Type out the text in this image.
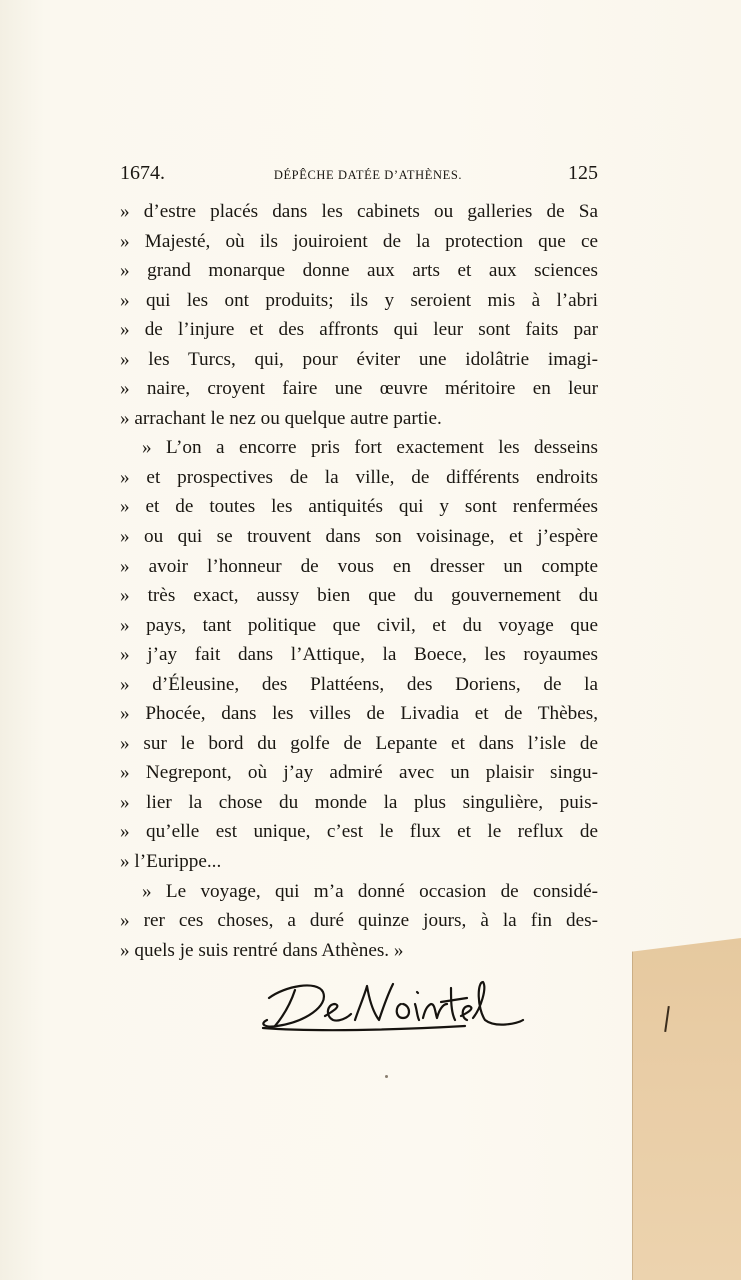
1674.	DÉPÊCHE DATÉE D’ATHÈNES.	125
» d’estre placés dans les cabinets ou galleries de Sa
» Majesté, où ils jouiroient de la protection que ce
» grand monarque donne aux arts et aux sciences
» qui les ont produits; ils y seroient mis à l’abri
» de l’injure et des affronts qui leur sont faits par
» les Turcs, qui, pour éviter une idolâtrie imagi-
» naire, croyent faire une œuvre méritoire en leur
» arrachant le nez ou quelque autre partie.
» L’on a encorre pris fort exactement les desseins
» et prospectives de la ville, de différents endroits
» et de toutes les antiquités qui y sont renfermées
» ou qui se trouvent dans son voisinage, et j’espère
» avoir l’honneur de vous en dresser un compte
» très exact, aussy bien que du gouvernement du
» pays, tant politique que civil, et du voyage que
» j’ay fait dans l’Attique, la Boece, les royaumes
» d’Éleusine, des Plattéens, des Doriens, de la
» Phocée, dans les villes de Livadia et de Thèbes,
» sur le bord du golfe de Lepante et dans l’isle de
» Negrepont, où j’ay admiré avec un plaisir singu-
» lier la chose du monde la plus singulière, puis-
» qu’elle est unique, c’est le flux et le reflux de
» l’Eurippe...
» Le voyage, qui m’a donné occasion de considé-
» rer ces choses, a duré quinze jours, à la fin des-
» quels je suis rentré dans Athènes. »
